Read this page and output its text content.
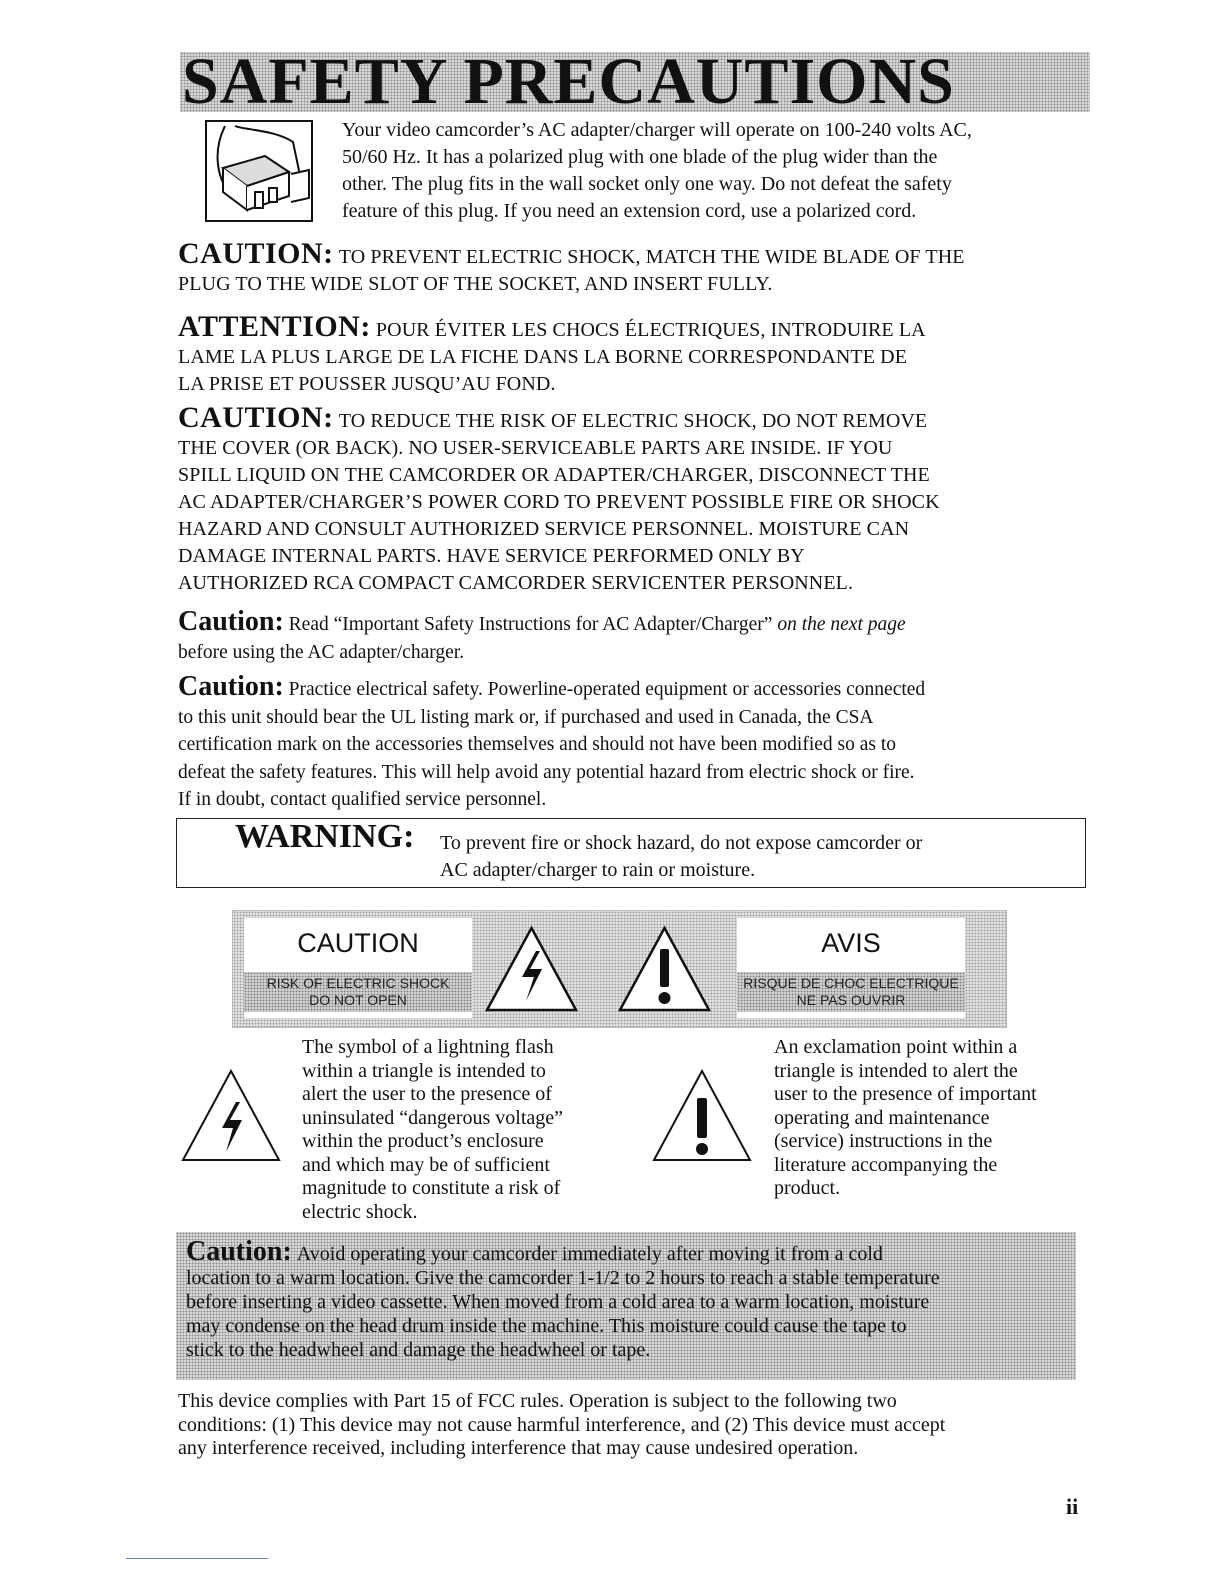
SAFETY PRECAUTIONS
Your video camcorder’s AC adapter/charger will operate on 100-240 volts AC,
50/60 Hz. It has a polarized plug with one blade of the plug wider than the
other. The plug fits in the wall socket only one way. Do not defeat the safety
feature of this plug. If you need an extension cord, use a polarized cord.
CAUTION: TO PREVENT ELECTRIC SHOCK, MATCH THE WIDE BLADE OF THE
PLUG TO THE WIDE SLOT OF THE SOCKET, AND INSERT FULLY.
ATTENTION: POUR ÉVITER LES CHOCS ÉLECTRIQUES, INTRODUIRE LA
LAME LA PLUS LARGE DE LA FICHE DANS LA BORNE CORRESPONDANTE DE
LA PRISE ET POUSSER JUSQU’AU FOND.
CAUTION: TO REDUCE THE RISK OF ELECTRIC SHOCK, DO NOT REMOVE
THE COVER (OR BACK). NO USER-SERVICEABLE PARTS ARE INSIDE. IF YOU
SPILL LIQUID ON THE CAMCORDER OR ADAPTER/CHARGER, DISCONNECT THE
AC ADAPTER/CHARGER’S POWER CORD TO PREVENT POSSIBLE FIRE OR SHOCK
HAZARD AND CONSULT AUTHORIZED SERVICE PERSONNEL. MOISTURE CAN
DAMAGE INTERNAL PARTS. HAVE SERVICE PERFORMED ONLY BY
AUTHORIZED RCA COMPACT CAMCORDER SERVICENTER PERSONNEL.
Caution: Read “Important Safety Instructions for AC Adapter/Charger” on the next page
before using the AC adapter/charger.
Caution: Practice electrical safety. Powerline-operated equipment or accessories connected
to this unit should bear the UL listing mark or, if purchased and used in Canada, the CSA
certification mark on the accessories themselves and should not have been modified so as to
defeat the safety features. This will help avoid any potential hazard from electric shock or fire.
If in doubt, contact qualified service personnel.
WARNING: To prevent fire or shock hazard, do not expose camcorder or
AC adapter/charger to rain or moisture.
CAUTION
RISK OF ELECTRIC SHOCK
DO NOT OPEN
AVIS
RISQUE DE CHOC ELECTRIQUE
NE PAS OUVRIR
The symbol of a lightning flash
within a triangle is intended to
alert the user to the presence of
uninsulated “dangerous voltage”
within the product’s enclosure
and which may be of sufficient
magnitude to constitute a risk of
electric shock.
An exclamation point within a
triangle is intended to alert the
user to the presence of important
operating and maintenance
(service) instructions in the
literature accompanying the
product.
Caution: Avoid operating your camcorder immediately after moving it from a cold
location to a warm location. Give the camcorder 1-1/2 to 2 hours to reach a stable temperature
before inserting a video cassette. When moved from a cold area to a warm location, moisture
may condense on the head drum inside the machine. This moisture could cause the tape to
stick to the headwheel and damage the headwheel or tape.
This device complies with Part 15 of FCC rules. Operation is subject to the following two
conditions: (1) This device may not cause harmful interference, and (2) This device must accept
any interference received, including interference that may cause undesired operation.
ii
